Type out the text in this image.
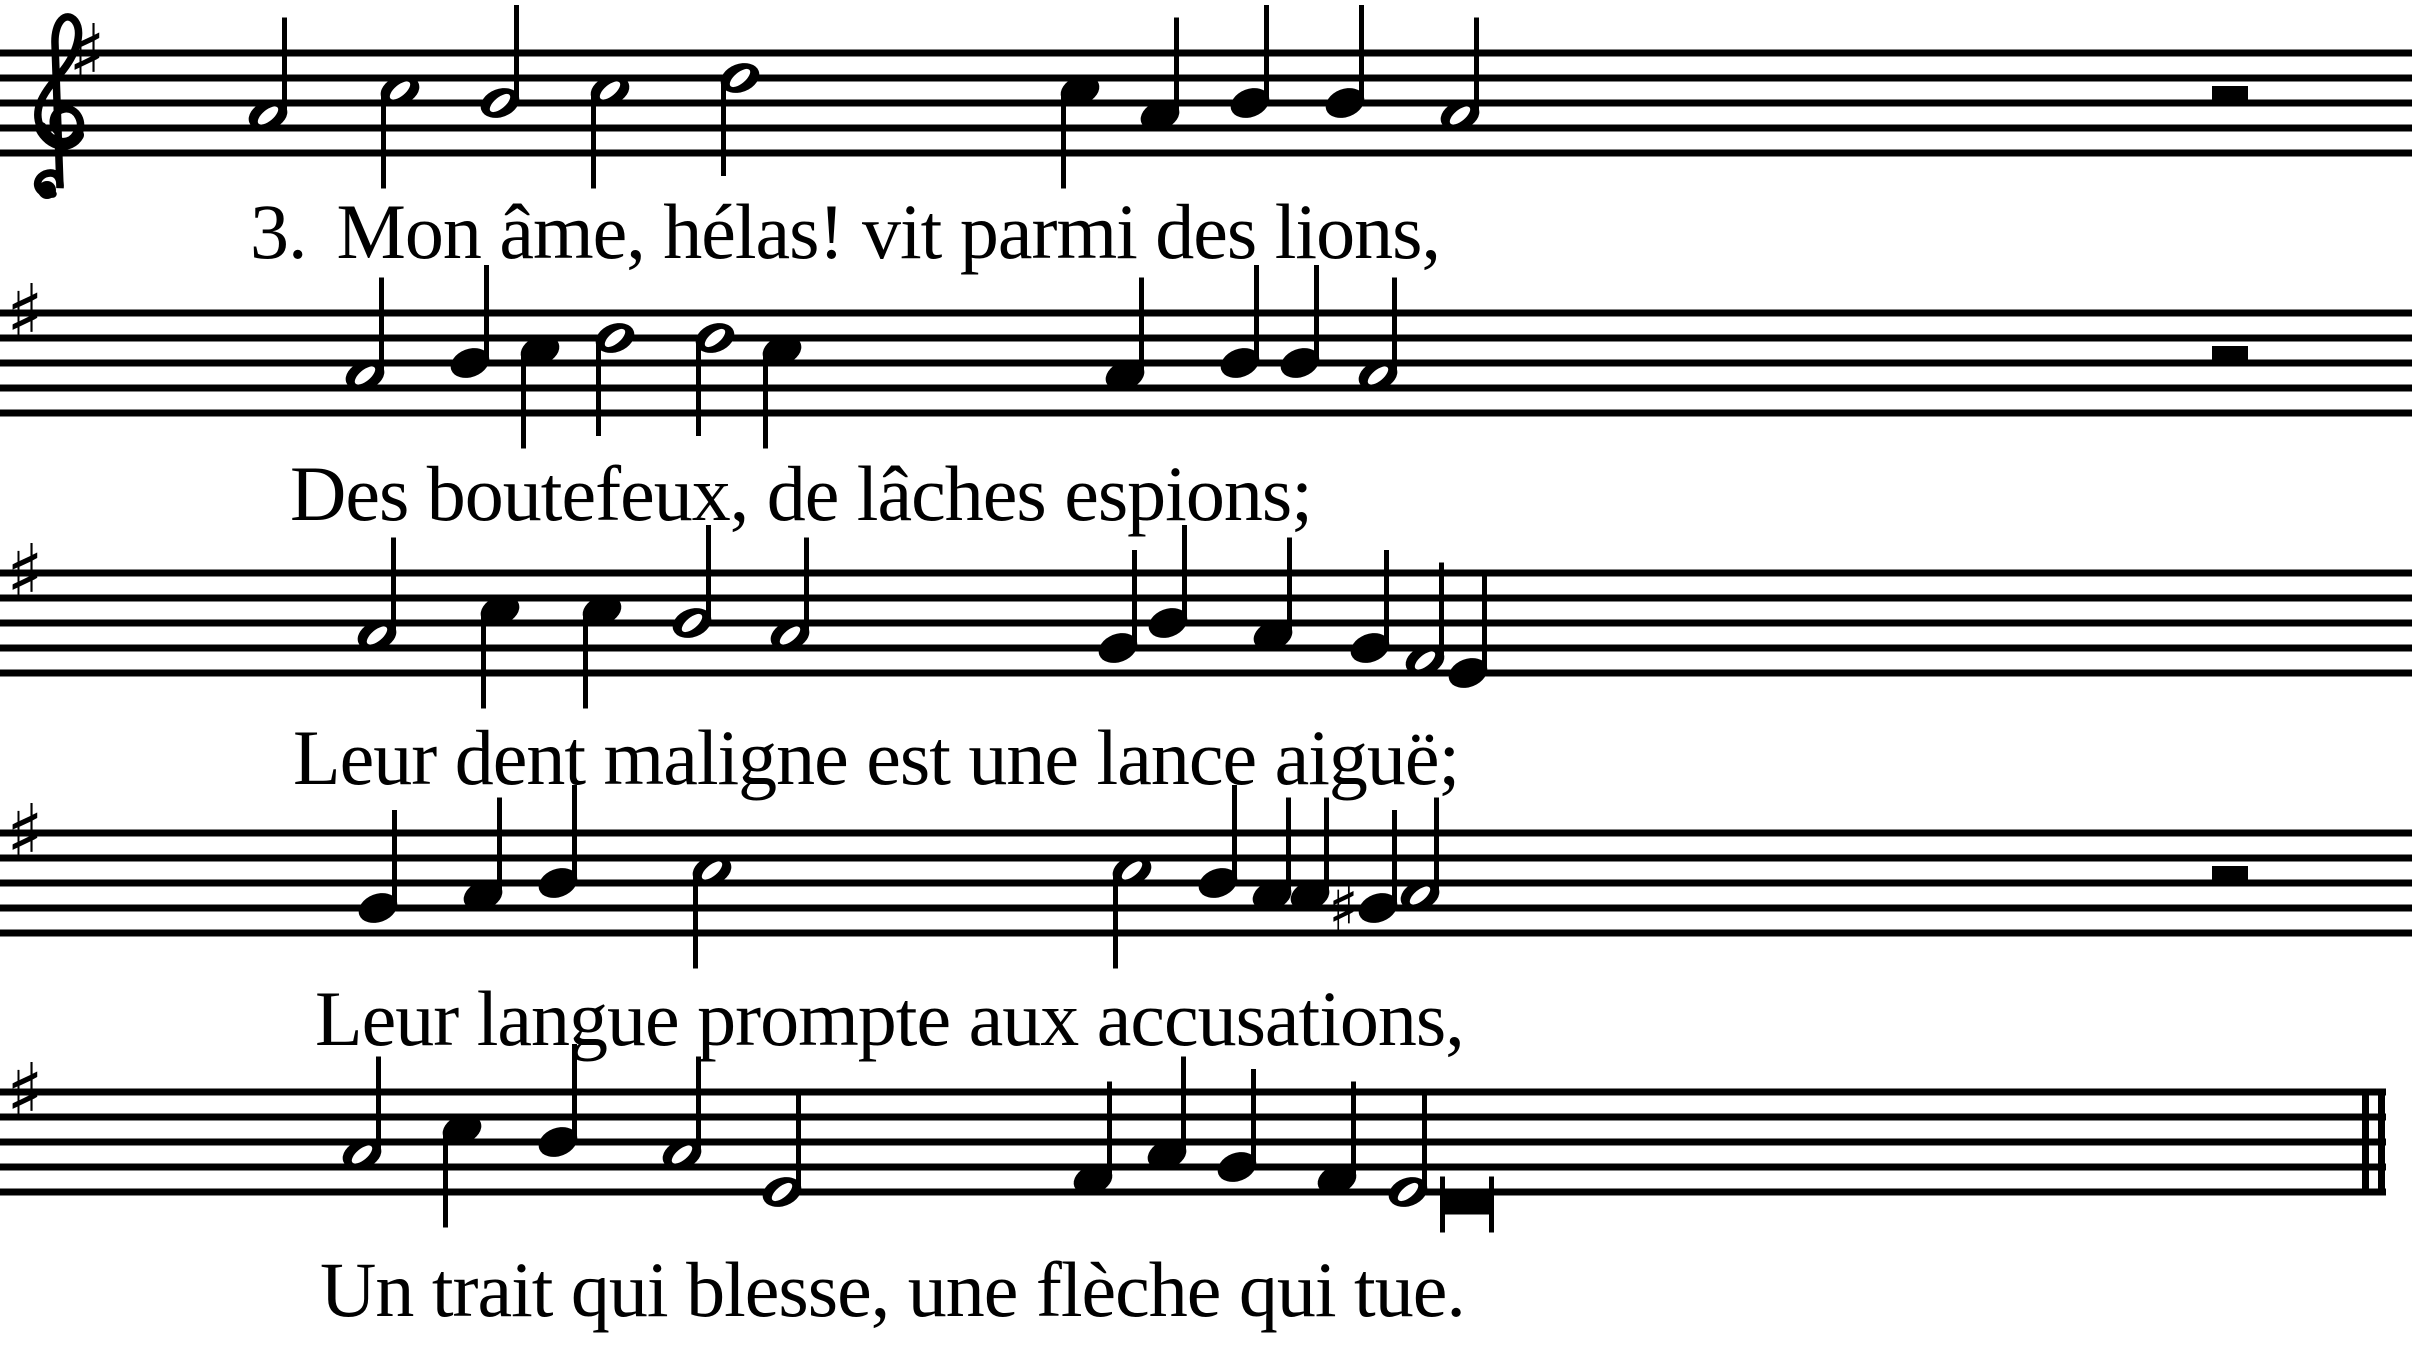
♯
♯
♯
♯
♯
♯
3. Mon âme, hélas! vit parmi des lions,
Des boutefeux, de lâches espions;
Leur dent maligne est une lance aiguë;
Leur langue prompte aux accusations,
Un trait qui blesse, une flèche qui tue.
